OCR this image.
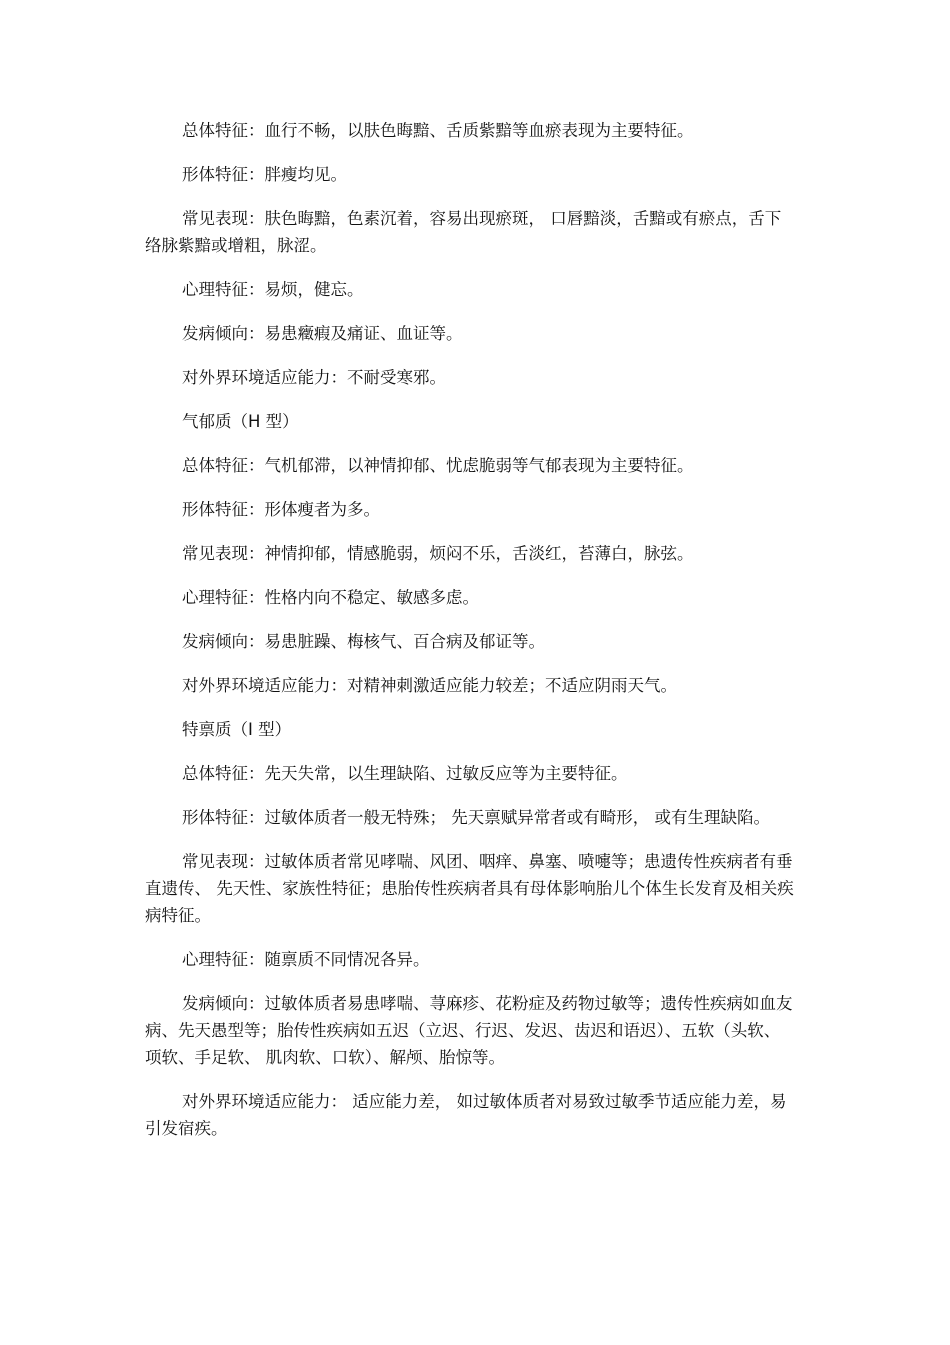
总体特征：血行不畅，以肤色晦黯、舌质紫黯等血瘀表现为主要特征。

形体特征：胖瘦均见。

常见表现：肤色晦黯，色素沉着，容易出现瘀斑， 口唇黯淡，舌黯或有瘀点，舌下络脉紫黯或增粗，脉涩。

心理特征：易烦，健忘。

发病倾向：易患癥瘕及痛证、血证等。

对外界环境适应能力：不耐受寒邪。

气郁质（H 型）

总体特征：气机郁滞，以神情抑郁、忧虑脆弱等气郁表现为主要特征。

形体特征：形体瘦者为多。

常见表现：神情抑郁，情感脆弱，烦闷不乐，舌淡红，苔薄白，脉弦。

心理特征：性格内向不稳定、敏感多虑。

发病倾向：易患脏躁、梅核气、百合病及郁证等。

对外界环境适应能力：对精神刺激适应能力较差；不适应阴雨天气。

特禀质（I 型）

总体特征：先天失常，以生理缺陷、过敏反应等为主要特征。

形体特征：过敏体质者一般无特殊； 先天禀赋异常者或有畸形， 或有生理缺陷。

常见表现：过敏体质者常见哮喘、风团、咽痒、鼻塞、喷嚏等；患遗传性疾病者有垂直遗传、 先天性、家族性特征；患胎传性疾病者具有母体影响胎儿个体生长发育及相关疾病特征。

心理特征：随禀质不同情况各异。

发病倾向：过敏体质者易患哮喘、荨麻疹、花粉症及药物过敏等；遗传性疾病如血友病、先天愚型等；胎传性疾病如五迟（立迟、行迟、发迟、齿迟和语迟）、五软（头软、项软、手足软、 肌肉软、口软）、解颅、胎惊等。

对外界环境适应能力： 适应能力差， 如过敏体质者对易致过敏季节适应能力差，易引发宿疾。
